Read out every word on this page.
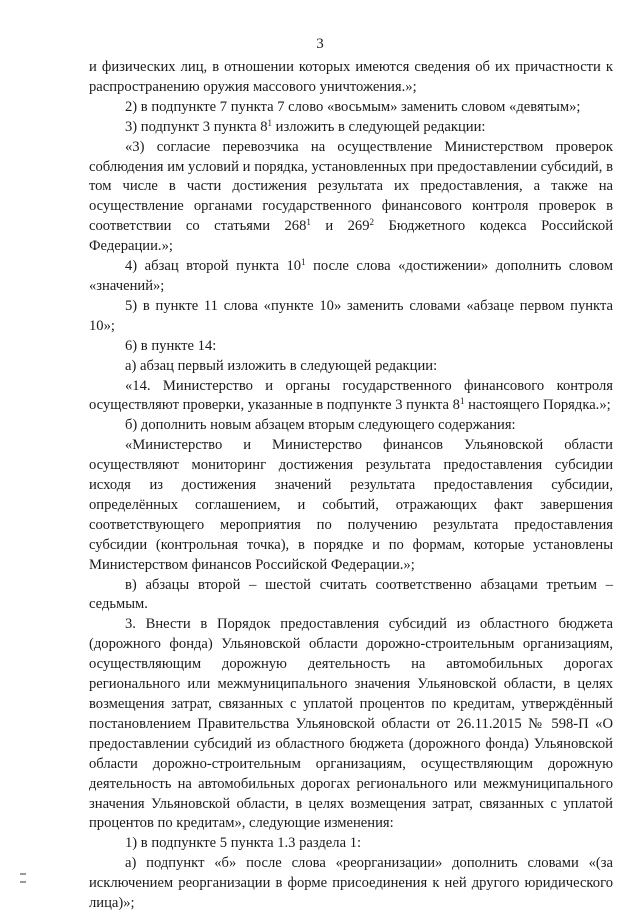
3

и физических лиц, в отношении которых имеются сведения об их причастности к распространению оружия массового уничтожения.»;

2) в подпункте 7 пункта 7 слово «восьмым» заменить словом «девятым»;

3) подпункт 3 пункта $8^1$ изложить в следующей редакции:

«3) согласие перевозчика на осуществление Министерством проверок соблюдения им условий и порядка, установленных при предоставлении субсидий, в том числе в части достижения результата их предоставления, а также на осуществление органами государственного финансового контроля проверок в соответствии со статьями $268^1$ и $269^2$ Бюджетного кодекса Российской Федерации.»;

4) абзац второй пункта $10^1$ после слова «достижении» дополнить словом «значений»;

5) в пункте 11 слова «пункте 10» заменить словами «абзаце первом пункта 10»;

6) в пункте 14:

а) абзац первый изложить в следующей редакции:

«14. Министерство и органы государственного финансового контроля осуществляют проверки, указанные в подпункте 3 пункта $8^1$ настоящего Порядка.»;

б) дополнить новым абзацем вторым следующего содержания:

«Министерство и Министерство финансов Ульяновской области осуществляют мониторинг достижения результата предоставления субсидии исходя из достижения значений результата предоставления субсидии, определённых соглашением, и событий, отражающих факт завершения соответствующего мероприятия по получению результата предоставления субсидии (контрольная точка), в порядке и по формам, которые установлены Министерством финансов Российской Федерации.»;

в) абзацы второй – шестой считать соответственно абзацами третьим – седьмым.

3. Внести в Порядок предоставления субсидий из областного бюджета (дорожного фонда) Ульяновской области дорожно-строительным организациям, осуществляющим дорожную деятельность на автомобильных дорогах регионального или межмуниципального значения Ульяновской области, в целях возмещения затрат, связанных с уплатой процентов по кредитам, утверждённый постановлением Правительства Ульяновской области от 26.11.2015 № 598-П «О предоставлении субсидий из областного бюджета (дорожного фонда) Ульяновской области дорожно-строительным организациям, осуществляющим дорожную деятельность на автомобильных дорогах регионального или межмуниципального значения Ульяновской области, в целях возмещения затрат, связанных с уплатой процентов по кредитам», следующие изменения:

1) в подпункте 5 пункта 1.3 раздела 1:

а) подпункт «б» после слова «реорганизации» дополнить словами «(за исключением реорганизации в форме присоединения к ней другого юридического лица)»;
